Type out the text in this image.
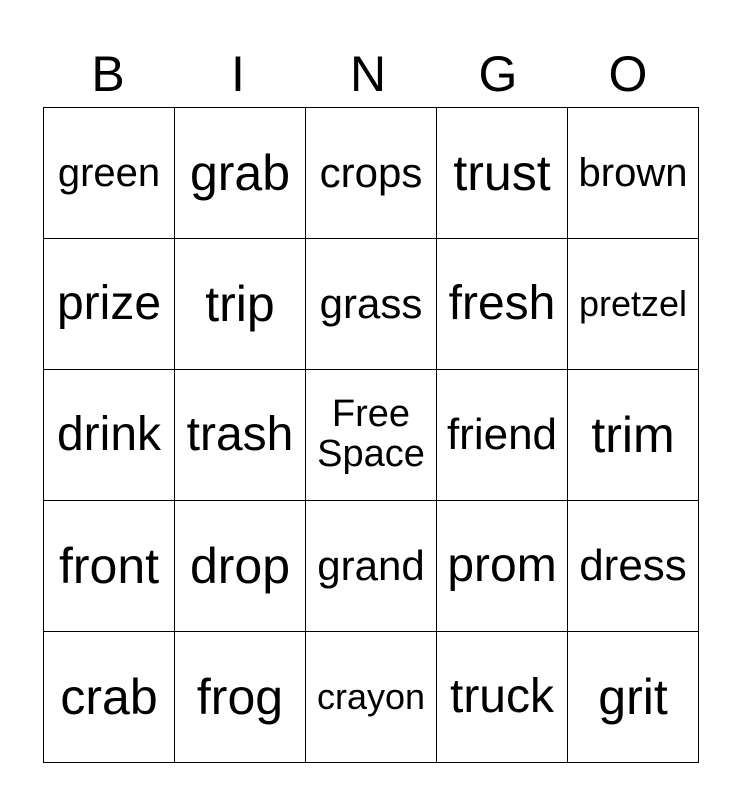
B	I	N	G	O
green	grab	crops	trust	brown
prize	trip	grass	fresh	pretzel
drink	trash	Free Space	friend	trim
front	drop	grand	prom	dress
crab	frog	crayon	truck	grit
